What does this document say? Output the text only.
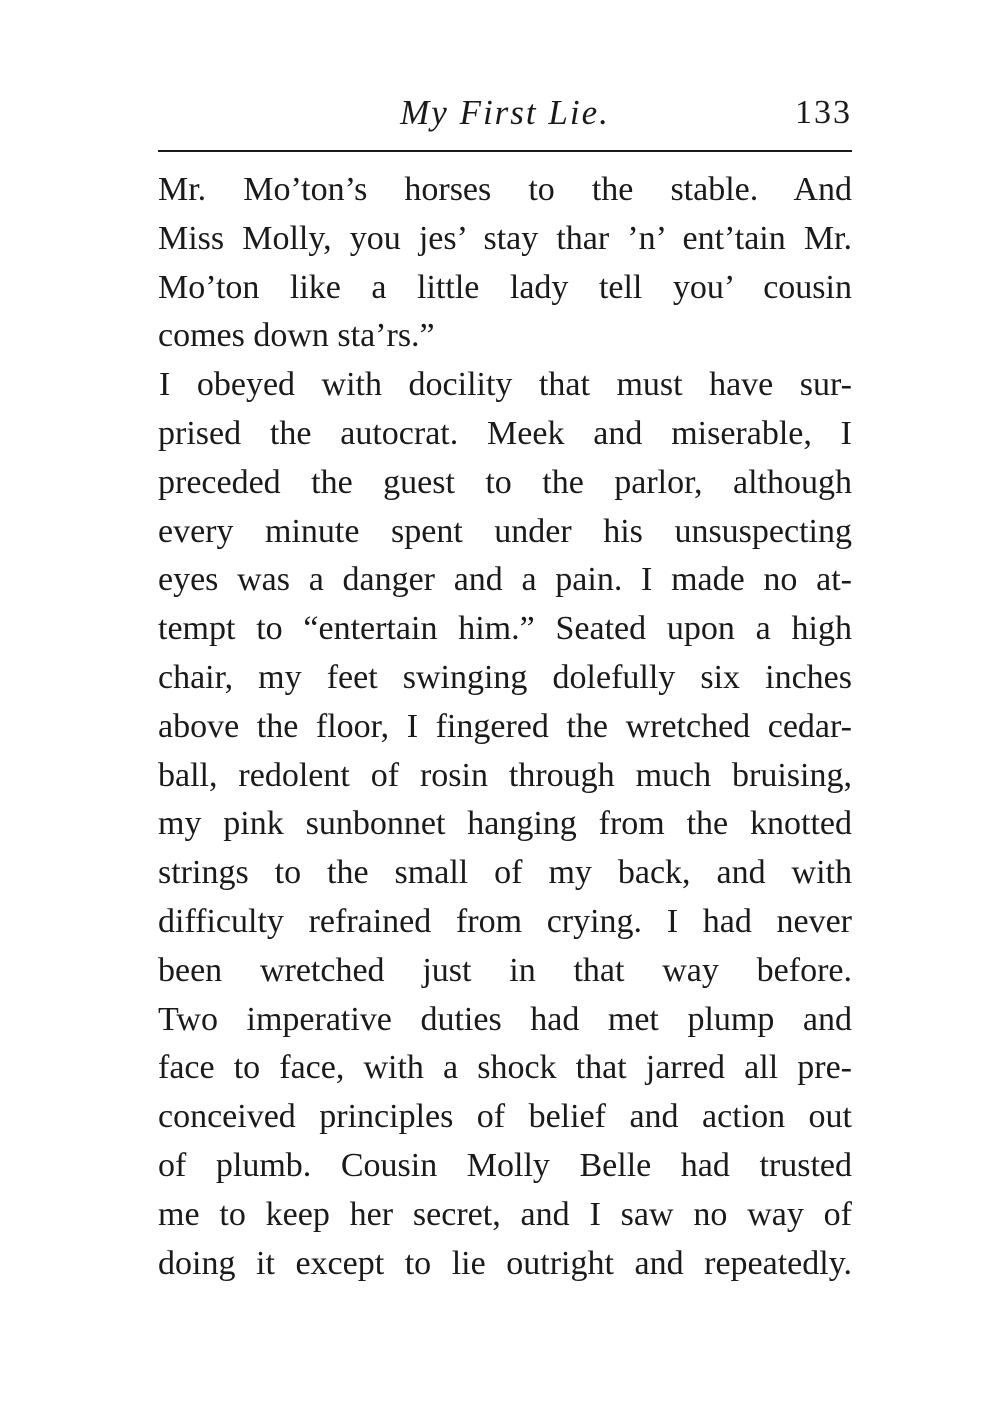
My First Lie.	133
Mr. Mo’ton’s horses to the stable. And
Miss Molly, you jes’ stay thar ’n’ ent’tain Mr.
Mo’ton like a little lady tell you’ cousin
comes down sta’rs.”
I obeyed with docility that must have sur-
prised the autocrat. Meek and miserable, I
preceded the guest to the parlor, although
every minute spent under his unsuspecting
eyes was a danger and a pain. I made no at-
tempt to “entertain him.” Seated upon a high
chair, my feet swinging dolefully six inches
above the floor, I fingered the wretched cedar-
ball, redolent of rosin through much bruising,
my pink sunbonnet hanging from the knotted
strings to the small of my back, and with
difficulty refrained from crying. I had never
been wretched just in that way before.
Two imperative duties had met plump and
face to face, with a shock that jarred all pre-
conceived principles of belief and action out
of plumb. Cousin Molly Belle had trusted
me to keep her secret, and I saw no way of
doing it except to lie outright and repeatedly.
